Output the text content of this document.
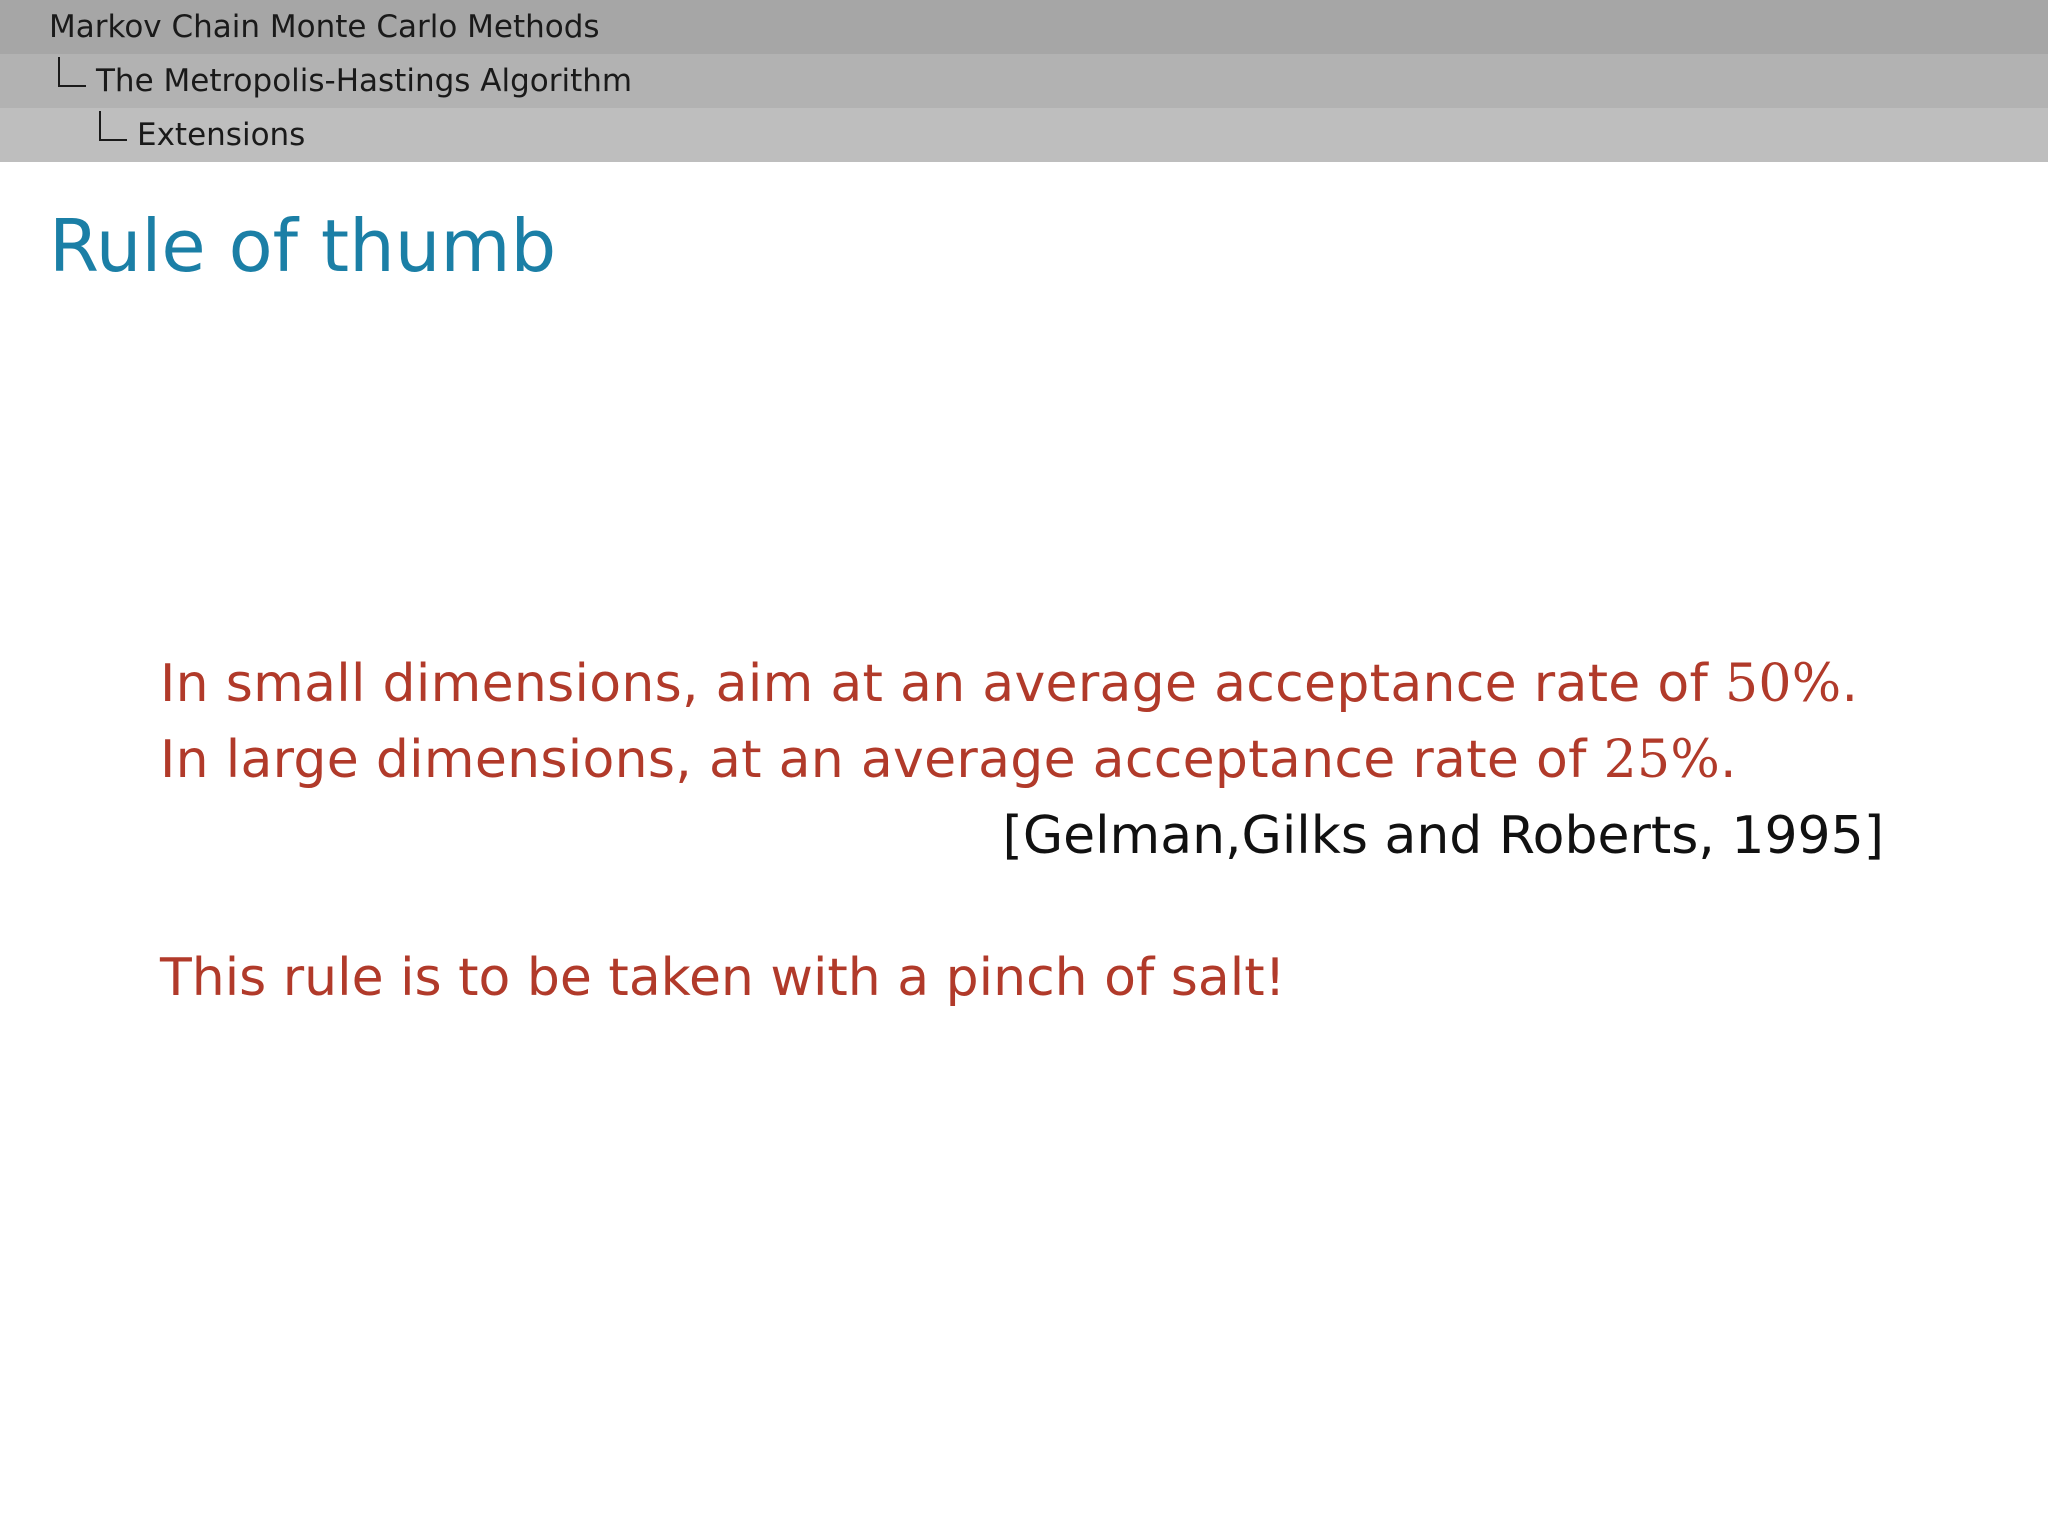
Markov Chain Monte Carlo Methods
The Metropolis-Hastings Algorithm
Extensions
Rule of thumb

In small dimensions, aim at an average acceptance rate of 50%. In large dimensions, at an average acceptance rate of 25%.

[Gelman,Gilks and Roberts, 1995]

This rule is to be taken with a pinch of salt!
